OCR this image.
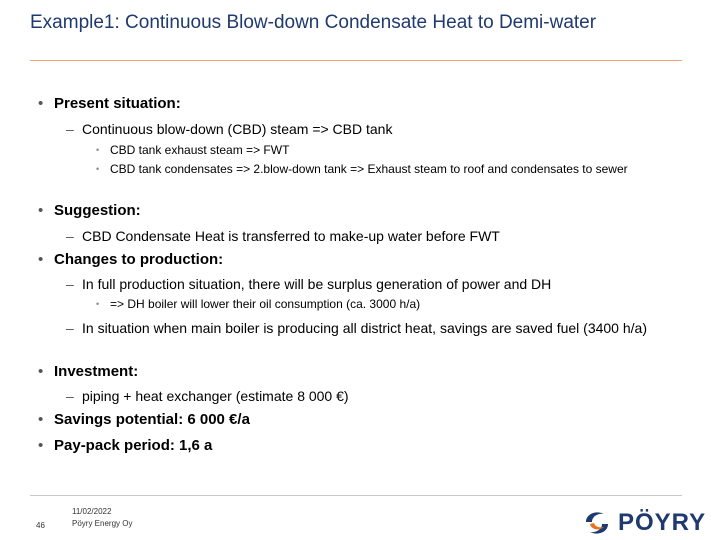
Example1: Continuous Blow-down Condensate Heat to Demi-water
• Present situation:
– Continuous blow-down (CBD) steam => CBD tank
• CBD tank exhaust steam => FWT
• CBD tank condensates => 2.blow-down tank => Exhaust steam to roof and condensates to sewer
• Suggestion:
– CBD Condensate Heat is transferred to make-up water before FWT
• Changes to production:
– In full production situation, there will be surplus generation of power and DH
• => DH boiler will lower their oil consumption (ca. 3000 h/a)
– In situation when main boiler is producing all district heat, savings are saved fuel (3400 h/a)
• Investment:
– piping + heat exchanger (estimate 8 000 €)
• Savings potential: 6 000 €/a
• Pay-pack period: 1,6 a
46
11/02/2022
Pöyry Energy Oy	PÖYRY
